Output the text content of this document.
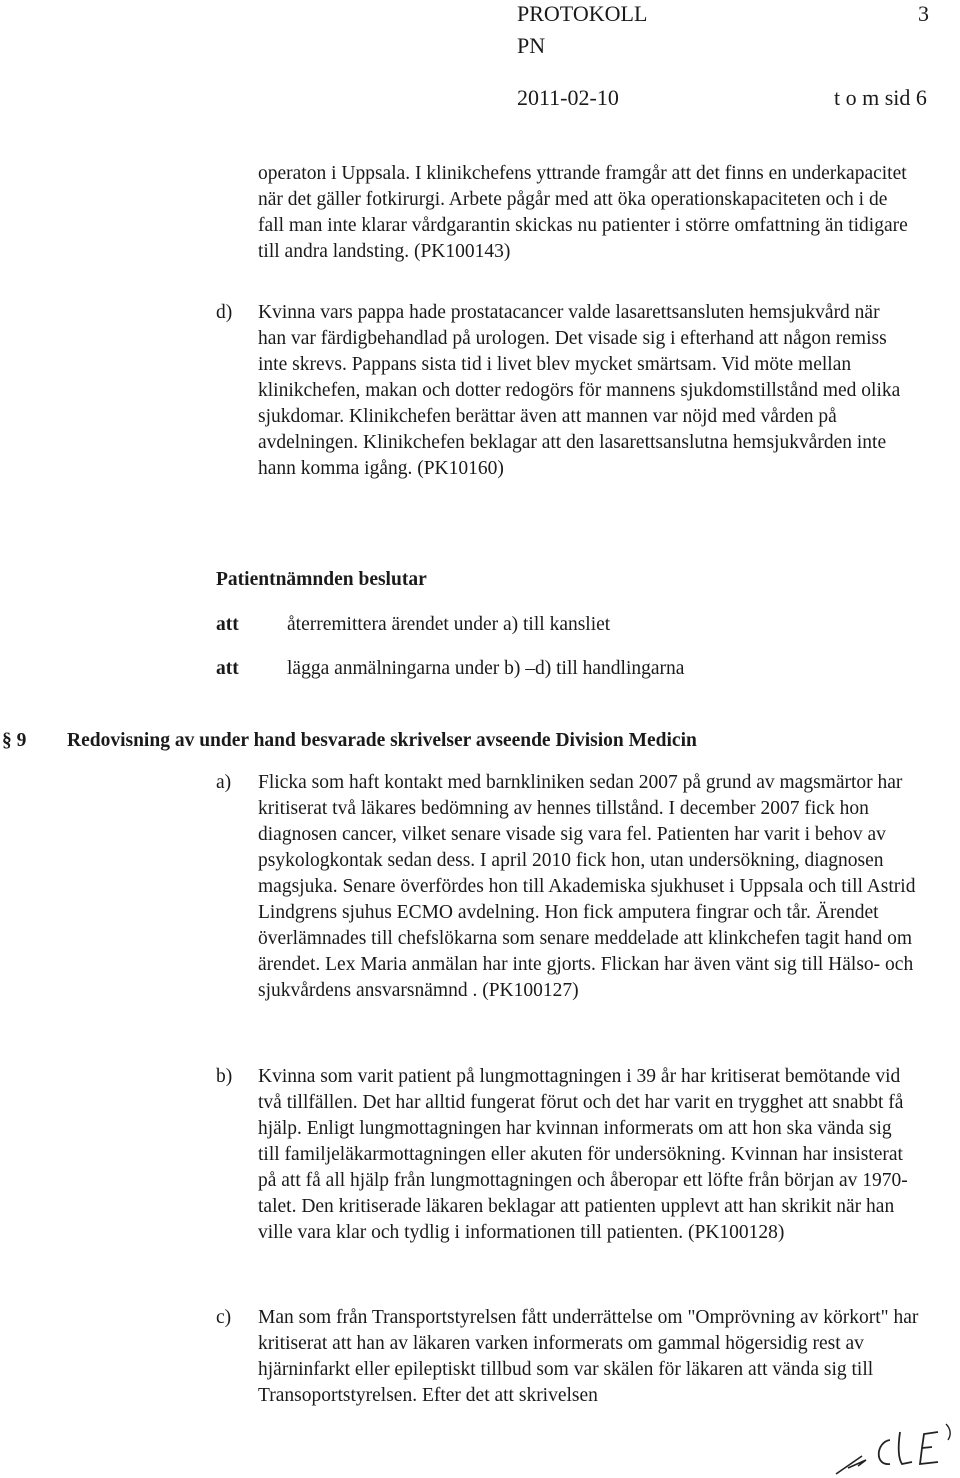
PROTOKOLL	3
PN
2011-02-10	t o m sid 6

operaton i Uppsala. I klinikchefens yttrande framgår att det finns en underkapacitet när det gäller fotkirurgi. Arbete pågår med att öka operationskapaciteten och i de fall man inte klarar vårdgarantin skickas nu patienter i större omfattning än tidigare till andra landsting. (PK100143)

d) Kvinna vars pappa hade prostatacancer valde lasarettsansluten hemsjukvård när han var färdigbehandlad på urologen. Det visade sig i efterhand att någon remiss inte skrevs. Pappans sista tid i livet blev mycket smärtsam. Vid möte mellan klinikchefen, makan och dotter redogörs för mannens sjukdomstillstånd med olika sjukdomar. Klinikchefen berättar även att mannen var nöjd med vården på avdelningen. Klinikchefen beklagar att den lasarettsanslutna hemsjukvården inte hann komma igång. (PK10160)

Patientnämnden beslutar
att återremittera ärendet under a) till kansliet
att lägga anmälningarna under b) –d) till handlingarna
§ 9 Redovisning av under hand besvarade skrivelser avseende Division Medicin
a) Flicka som haft kontakt med barnkliniken sedan 2007 på grund av magsmärtor har kritiserat två läkares bedömning av hennes tillstånd. I december 2007 fick hon diagnosen cancer, vilket senare visade sig vara fel. Patienten har varit i behov av psykologkontak sedan dess. I april 2010 fick hon, utan undersökning, diagnosen magsjuka. Senare överfördes hon till Akademiska sjukhuset i Uppsala och till Astrid Lindgrens sjuhus ECMO avdelning. Hon fick amputera fingrar och tår. Ärendet överlämnades till chefslökarna som senare meddelade att klinkchefen tagit hand om ärendet. Lex Maria anmälan har inte gjorts. Flickan har även vänt sig till Hälso- och sjukvårdens ansvarsnämnd . (PK100127)

b) Kvinna som varit patient på lungmottagningen i 39 år har kritiserat bemötande vid två tillfällen. Det har alltid fungerat förut och det har varit en trygghet att snabbt få hjälp. Enligt lungmottagningen har kvinnan informerats om att hon ska vända sig till familjeläkarmottagningen eller akuten för undersökning. Kvinnan har insisterat på att få all hjälp från lungmottagningen och åberopar ett löfte från början av 1970-talet. Den kritiserade läkaren beklagar att patienten upplevt att han skrikit när han ville vara klar och tydlig i informationen till patienten. (PK100128)

c) Man som från Transportstyrelsen fått underrättelse om "Omprövning av körkort" har kritiserat att han av läkaren varken informerats om gammal högersidig rest av hjärninfarkt eller epileptiskt tillbud som var skälen för läkaren att vända sig till Transoportstyrelsen. Efter det att skrivelsen
